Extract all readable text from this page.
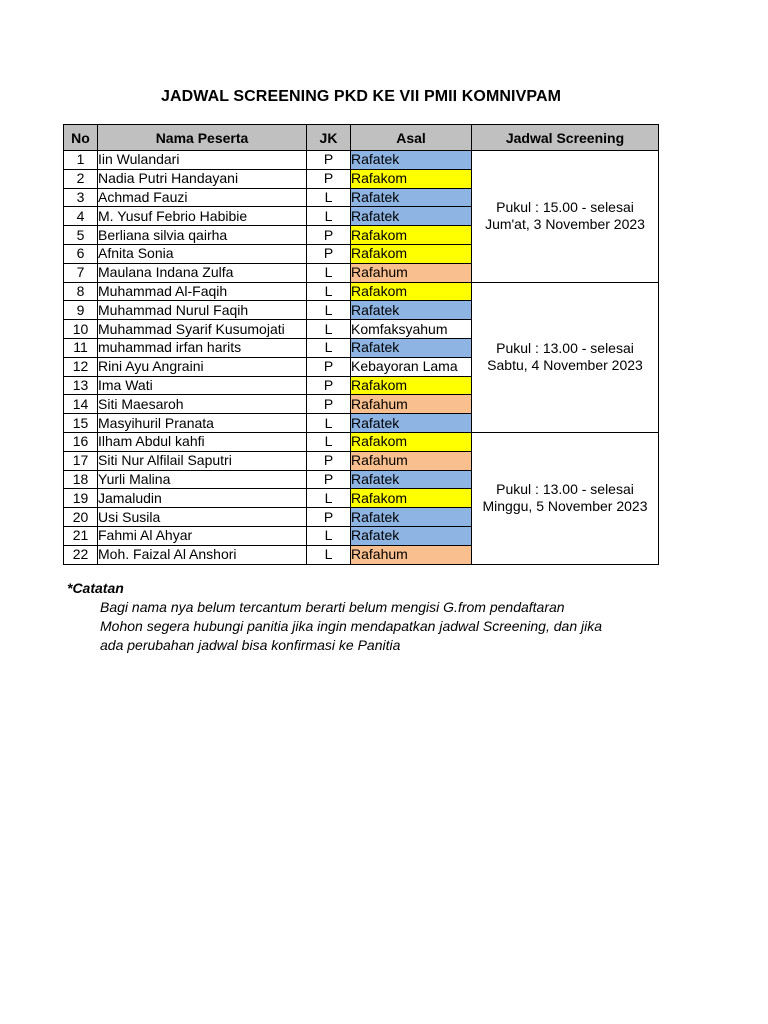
JADWAL SCREENING PKD KE VII PMII KOMNIVPAM
No	Nama Peserta	JK	Asal	Jadwal Screening
1	Iin Wulandari	P	Rafatek	Pukul : 15.00 - selesai
Jum'at, 3 November 2023

2	Nadia Putri Handayani	P	Rafakom	
3	Achmad Fauzi	L	Rafatek	
4	M. Yusuf Febrio Habibie	L	Rafatek	
5	Berliana silvia qairha	P	Rafakom	
6	Afnita Sonia	P	Rafakom	
7	Maulana Indana Zulfa	L	Rafahum	
8	Muhammad Al-Faqih	L	Rafakom	Pukul : 13.00 - selesai
Sabtu, 4 November 2023

9	Muhammad Nurul Faqih	L	Rafatek	
10	Muhammad Syarif Kusumojati	L	Komfaksyahum	
11	muhammad irfan harits	L	Rafatek	
12	Rini Ayu Angraini	P	Kebayoran Lama	
13	Ima Wati	P	Rafakom	
14	Siti Maesaroh	P	Rafahum	
15	Masyihuril Pranata	L	Rafatek	
16	Ilham Abdul kahfi	L	Rafakom	Pukul : 13.00 - selesai
Minggu, 5 November 2023

17	Siti Nur Alfilail Saputri	P	Rafahum	
18	Yurli Malina	P	Rafatek	
19	Jamaludin	L	Rafakom	
20	Usi Susila	P	Rafatek	
21	Fahmi Al Ahyar	L	Rafatek	
22	Moh. Faizal Al Anshori	L	Rafahum	
*Catatan
Bagi nama nya belum tercantum berarti belum mengisi G.from pendaftaran
Mohon segera hubungi panitia jika ingin mendapatkan jadwal Screening, dan jika
ada perubahan jadwal bisa konfirmasi ke Panitia
